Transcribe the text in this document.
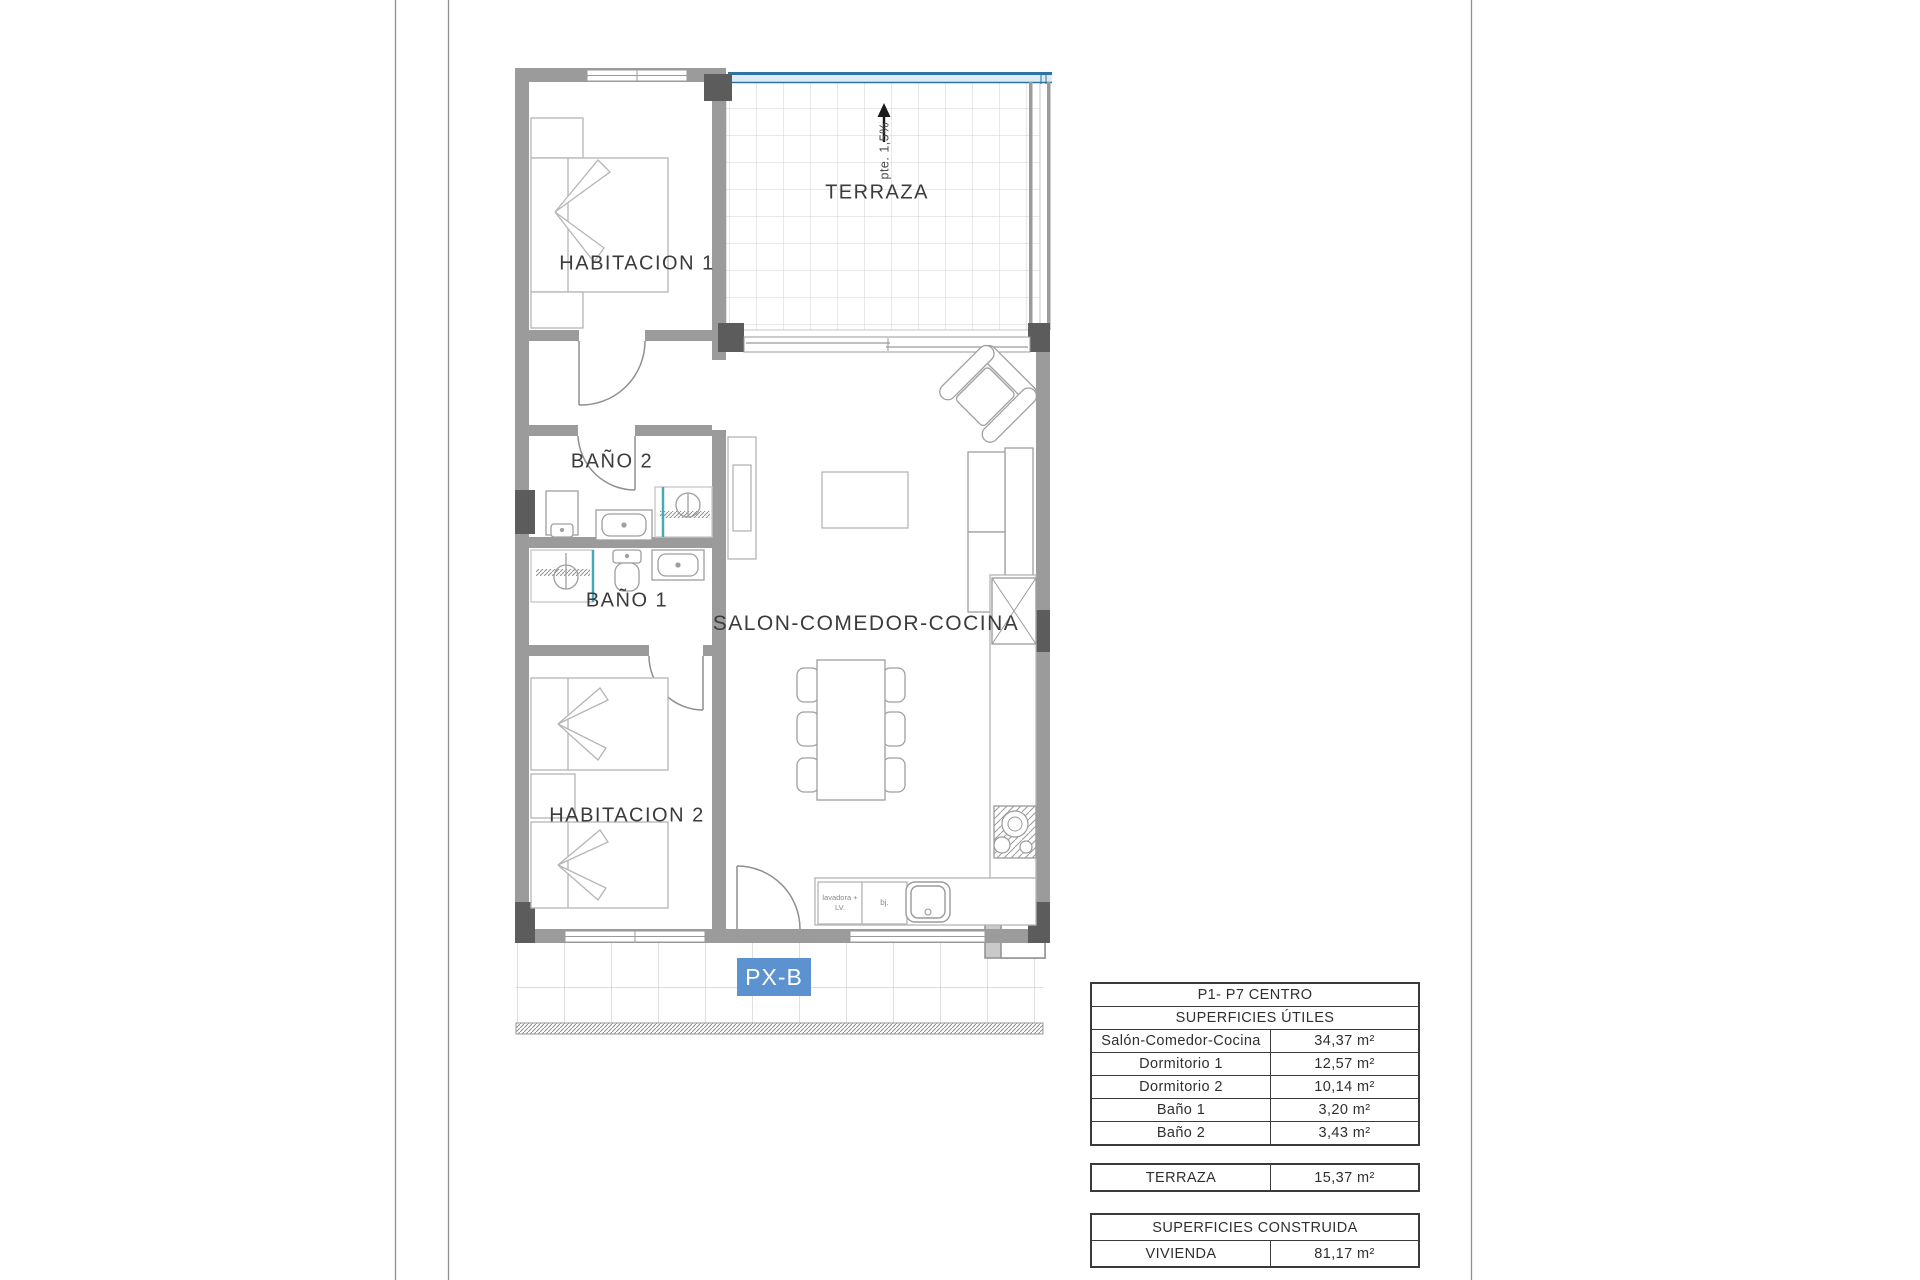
HABITACION 1
TERRAZA
BAÑO 2
BAÑO 1
HABITACION 2
SALON-COMEDOR-COCINA
pte. 1,5%
lavadora + LV.
bj.
PX-B
P1- P7 CENTRO
SUPERFICIES ÚTILES
Salón-Comedor-Cocina	34,37 m²
Dormitorio 1	12,57 m²
Dormitorio 2	10,14 m²
Baño 1	3,20 m²
Baño 2	3,43 m²
TERRAZA	15,37 m²
SUPERFICIES CONSTRUIDA
VIVIENDA	81,17 m²
